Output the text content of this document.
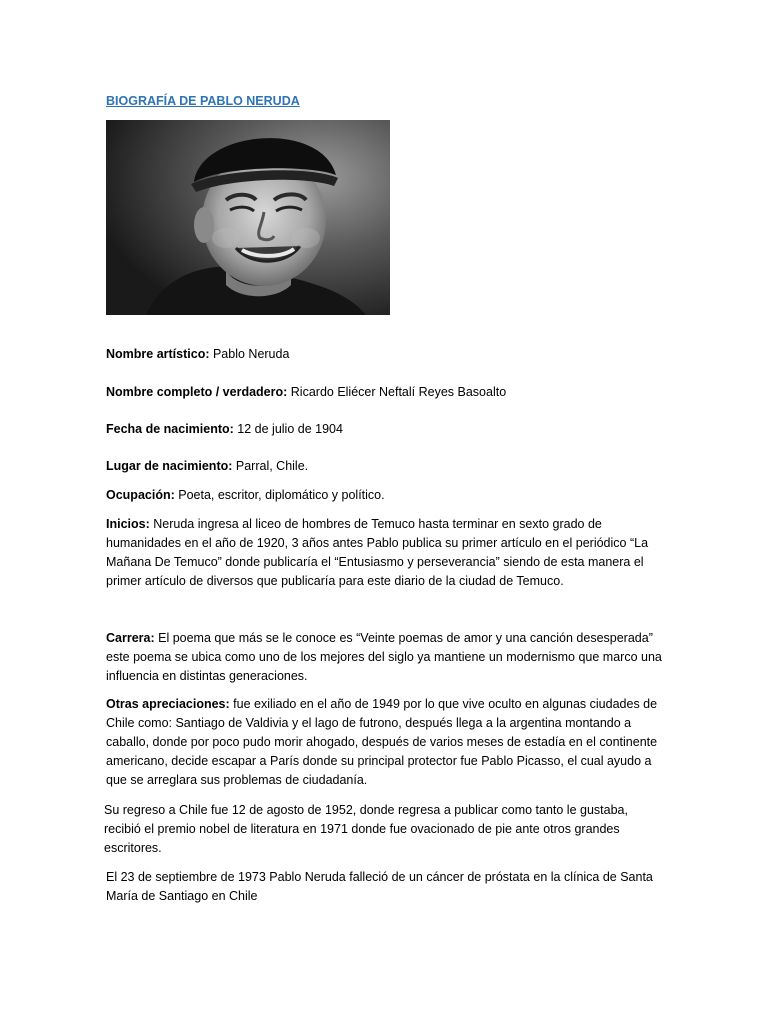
BIOGRAFÍA DE PABLO NERUDA

Nombre artístico: Pablo Neruda

Nombre completo / verdadero: Ricardo Eliécer Neftalí Reyes Basoalto

Fecha de nacimiento: 12 de julio de 1904

Lugar de nacimiento: Parral, Chile.

Ocupación: Poeta, escritor, diplomático y político.

Inicios: Neruda ingresa al liceo de hombres de Temuco hasta terminar en sexto grado de humanidades en el año de 1920, 3 años antes Pablo publica su primer artículo en el periódico “La Mañana De Temuco” donde publicaría el “Entusiasmo y perseverancia” siendo de esta manera el primer artículo de diversos que publicaría para este diario de la ciudad de Temuco.

Carrera: El poema que más se le conoce es “Veinte poemas de amor y una canción desesperada” este poema se ubica como uno de los mejores del siglo ya mantiene un modernismo que marco una influencia en distintas generaciones.

Otras apreciaciones: fue exiliado en el año de 1949 por lo que vive oculto en algunas ciudades de Chile como: Santiago de Valdivia y el lago de futrono, después llega a la argentina montando a caballo, donde por poco pudo morir ahogado, después de varios meses de estadía en el continente americano, decide escapar a París donde su principal protector fue Pablo Picasso, el cual ayudo a que se arreglara sus problemas de ciudadanía.

Su regreso a Chile fue 12 de agosto de 1952, donde regresa a publicar como tanto le gustaba, recibió el premio nobel de literatura en 1971 donde fue ovacionado de pie ante otros grandes escritores.

El 23 de septiembre de 1973 Pablo Neruda falleció de un cáncer de próstata en la clínica de Santa María de Santiago en Chile
